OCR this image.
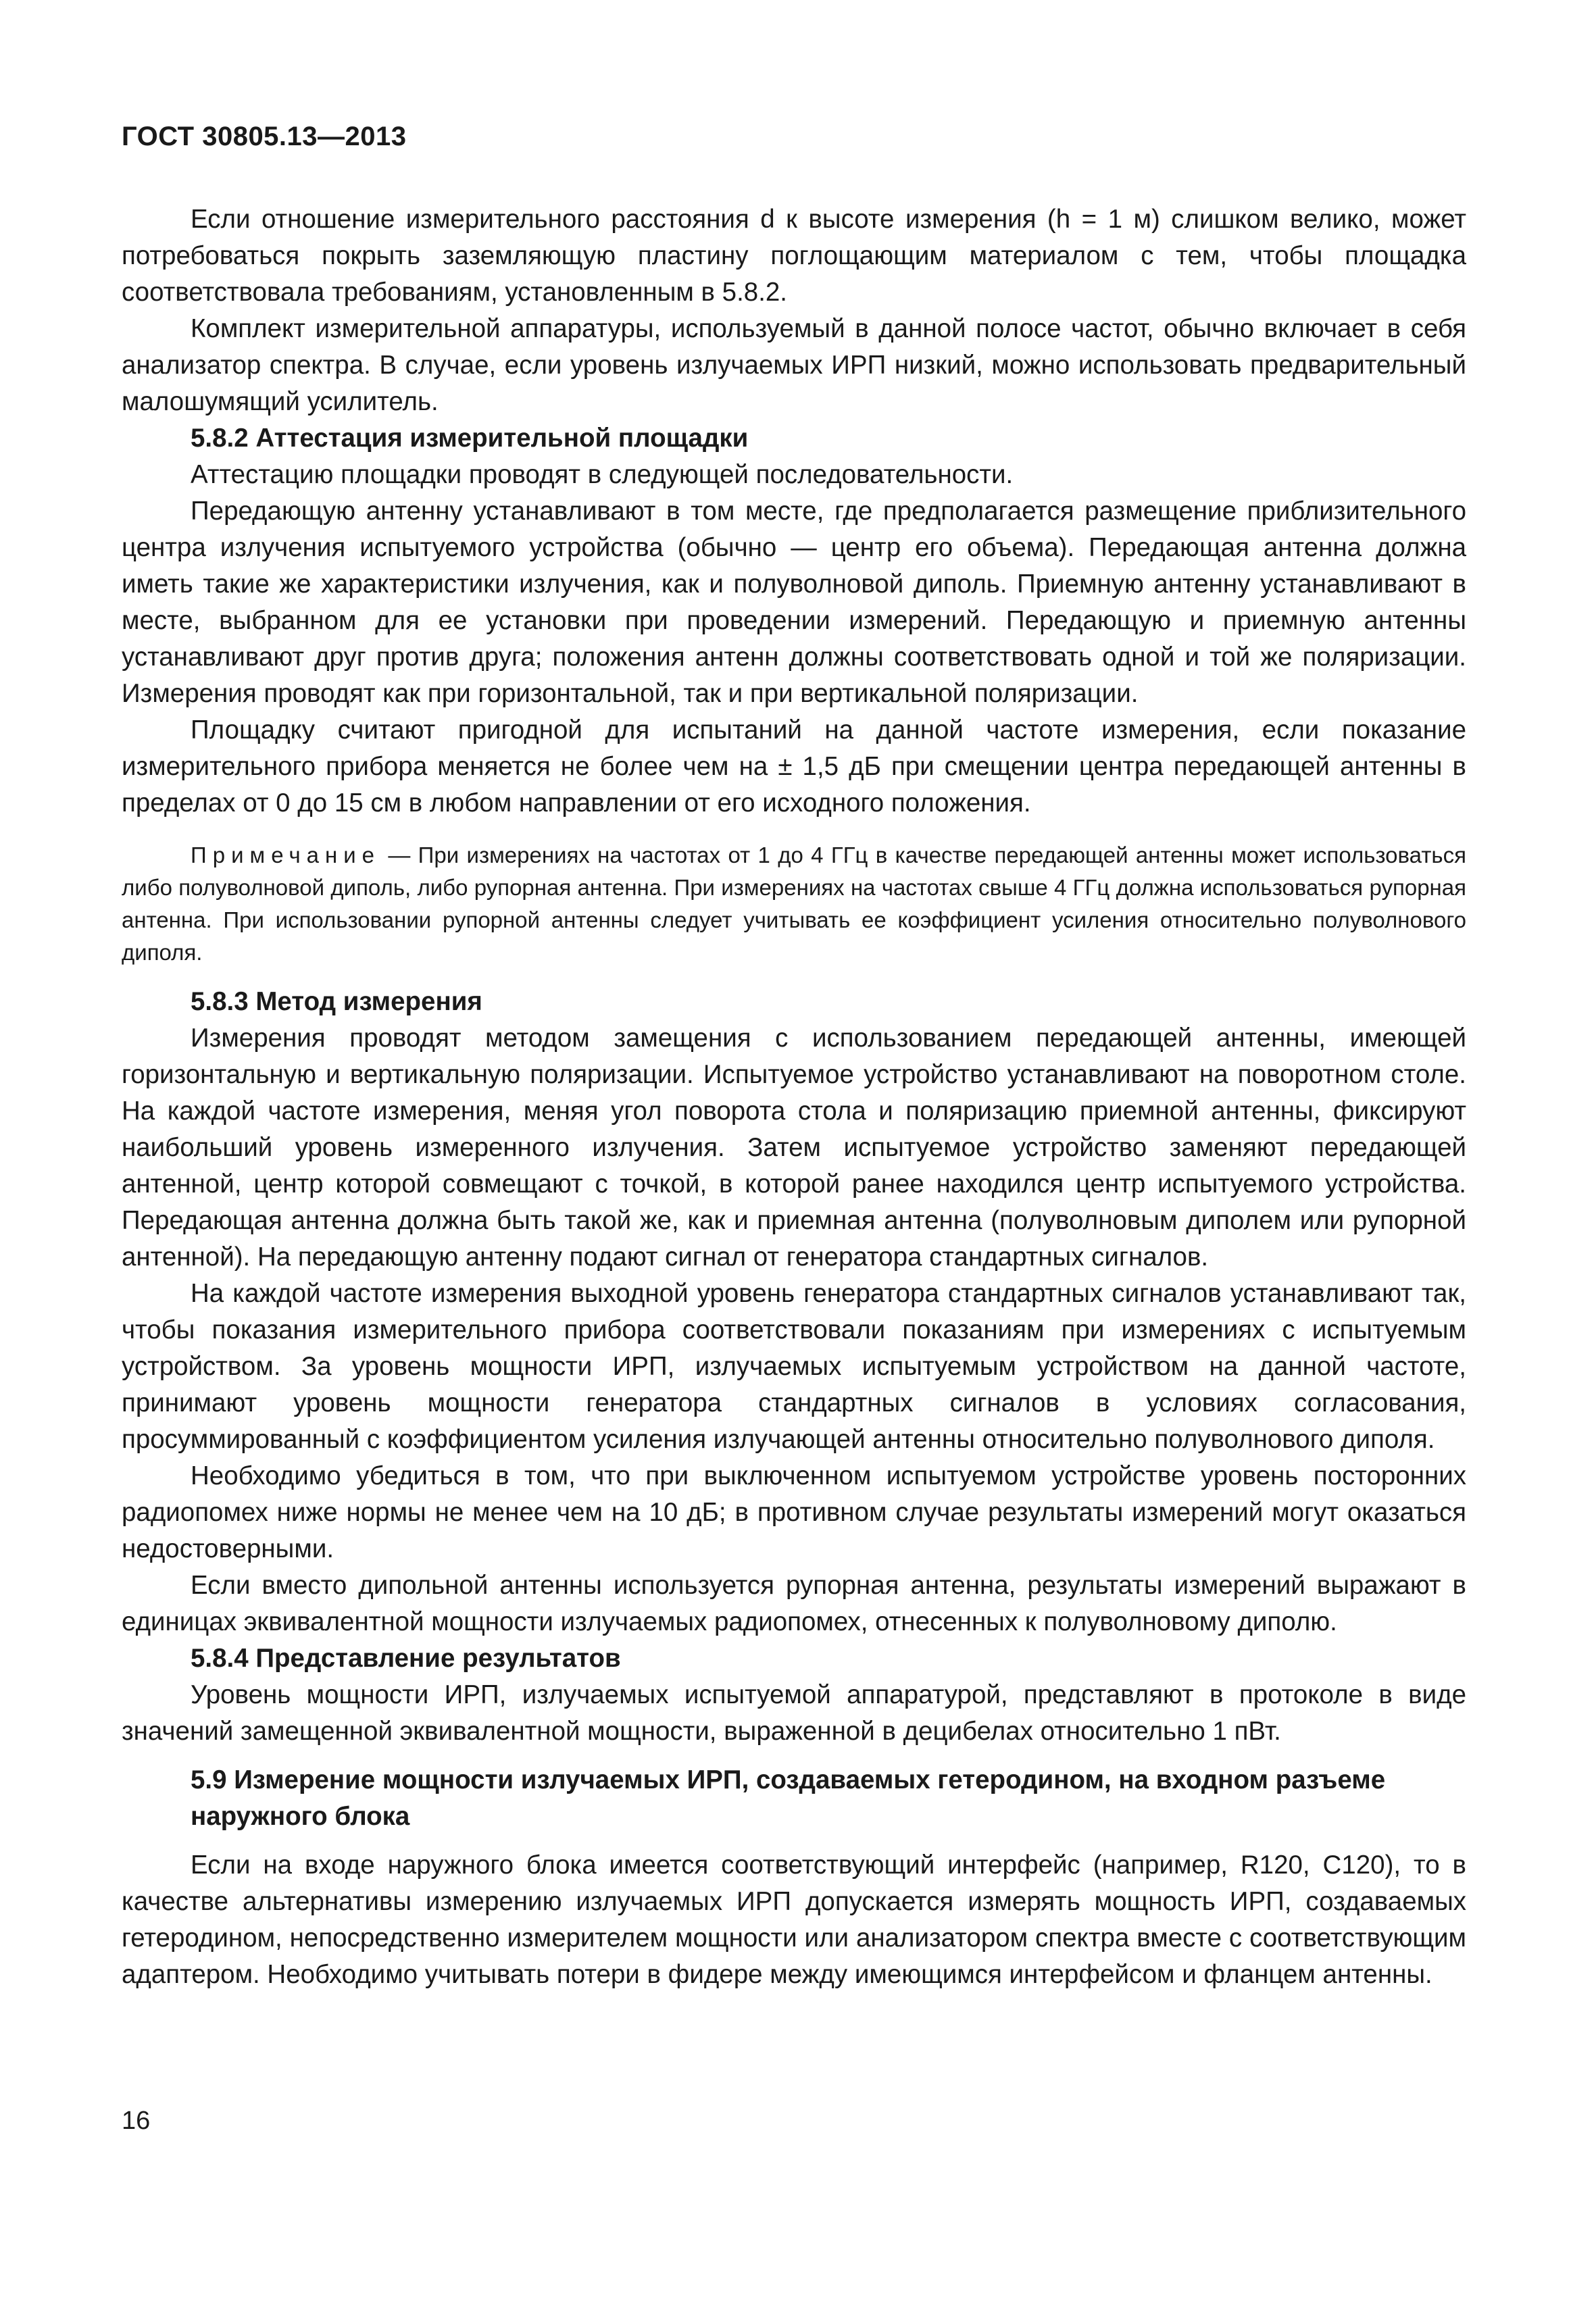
ГОСТ 30805.13—2013

Если отношение измерительного расстояния d к высоте измерения (h = 1 м) слишком велико, может потребоваться покрыть заземляющую пластину поглощающим материалом с тем, чтобы площадка соответствовала требованиям, установленным в 5.8.2.

Комплект измерительной аппаратуры, используемый в данной полосе частот, обычно включает в себя анализатор спектра. В случае, если уровень излучаемых ИРП низкий, можно использовать предварительный малошумящий усилитель.

5.8.2 Аттестация измерительной площадки

Аттестацию площадки проводят в следующей последовательности.

Передающую антенну устанавливают в том месте, где предполагается размещение приблизительного центра излучения испытуемого устройства (обычно — центр его объема). Передающая антенна должна иметь такие же характеристики излучения, как и полуволновой диполь. Приемную антенну устанавливают в месте, выбранном для ее установки при проведении измерений. Передающую и приемную антенны устанавливают друг против друга; положения антенн должны соответствовать одной и той же поляризации. Измерения проводят как при горизонтальной, так и при вертикальной поляризации.

Площадку считают пригодной для испытаний на данной частоте измерения, если показание измерительного прибора меняется не более чем на ± 1,5 дБ при смещении центра передающей антенны в пределах от 0 до 15 см в любом направлении от его исходного положения.

Примечание — При измерениях на частотах от 1 до 4 ГГц в качестве передающей антенны может использоваться либо полуволновой диполь, либо рупорная антенна. При измерениях на частотах свыше 4 ГГц должна использоваться рупорная антенна. При использовании рупорной антенны следует учитывать ее коэффициент усиления относительно полуволнового диполя.

5.8.3 Метод измерения

Измерения проводят методом замещения с использованием передающей антенны, имеющей горизонтальную и вертикальную поляризации. Испытуемое устройство устанавливают на поворотном столе. На каждой частоте измерения, меняя угол поворота стола и поляризацию приемной антенны, фиксируют наибольший уровень измеренного излучения. Затем испытуемое устройство заменяют передающей антенной, центр которой совмещают с точкой, в которой ранее находился центр испытуемого устройства. Передающая антенна должна быть такой же, как и приемная антенна (полуволновым диполем или рупорной антенной). На передающую антенну подают сигнал от генератора стандартных сигналов.

На каждой частоте измерения выходной уровень генератора стандартных сигналов устанавливают так, чтобы показания измерительного прибора соответствовали показаниям при измерениях с испытуемым устройством. За уровень мощности ИРП, излучаемых испытуемым устройством на данной частоте, принимают уровень мощности генератора стандартных сигналов в условиях согласования, просуммированный с коэффициентом усиления излучающей антенны относительно полуволнового диполя.

Необходимо убедиться в том, что при выключенном испытуемом устройстве уровень посторонних радиопомех ниже нормы не менее чем на 10 дБ; в противном случае результаты измерений могут оказаться недостоверными.

Если вместо дипольной антенны используется рупорная антенна, результаты измерений выражают в единицах эквивалентной мощности излучаемых радиопомех, отнесенных к полуволновому диполю.

5.8.4 Представление результатов

Уровень мощности ИРП, излучаемых испытуемой аппаратурой, представляют в протоколе в виде значений замещенной эквивалентной мощности, выраженной в децибелах относительно 1 пВт.

5.9 Измерение мощности излучаемых ИРП, создаваемых гетеродином, на входном разъеме наружного блока

Если на входе наружного блока имеется соответствующий интерфейс (например, R120, C120), то в качестве альтернативы измерению излучаемых ИРП допускается измерять мощность ИРП, создаваемых гетеродином, непосредственно измерителем мощности или анализатором спектра вместе с соответствующим адаптером. Необходимо учитывать потери в фидере между имеющимся интерфейсом и фланцем антенны.

16
